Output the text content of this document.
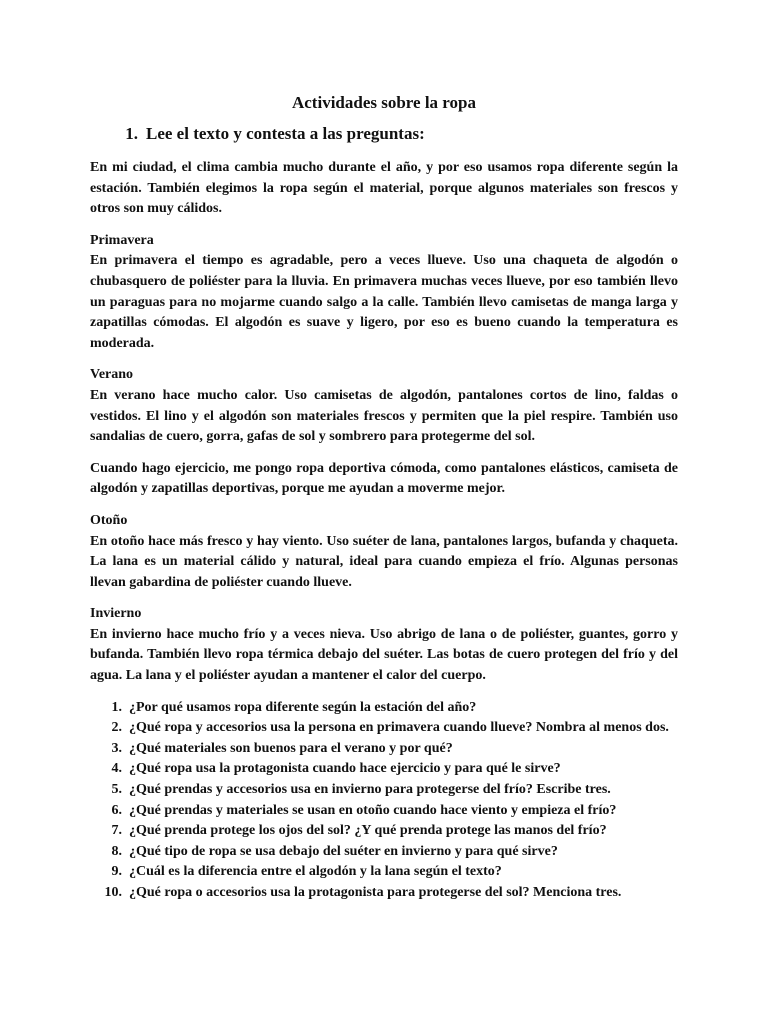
Actividades sobre la ropa
1. Lee el texto y contesta a las preguntas:

En mi ciudad, el clima cambia mucho durante el año, y por eso usamos ropa diferente según la estación. También elegimos la ropa según el material, porque algunos materiales son frescos y otros son muy cálidos.

Primavera

En primavera el tiempo es agradable, pero a veces llueve. Uso una chaqueta de algodón o chubasquero de poliéster para la lluvia. En primavera muchas veces llueve, por eso también llevo un paraguas para no mojarme cuando salgo a la calle. También llevo camisetas de manga larga y zapatillas cómodas. El algodón es suave y ligero, por eso es bueno cuando la temperatura es moderada.

Verano

En verano hace mucho calor. Uso camisetas de algodón, pantalones cortos de lino, faldas o vestidos. El lino y el algodón son materiales frescos y permiten que la piel respire. También uso sandalias de cuero, gorra, gafas de sol y sombrero para protegerme del sol.

Cuando hago ejercicio, me pongo ropa deportiva cómoda, como pantalones elásticos, camiseta de algodón y zapatillas deportivas, porque me ayudan a moverme mejor.

Otoño

En otoño hace más fresco y hay viento. Uso suéter de lana, pantalones largos, bufanda y chaqueta. La lana es un material cálido y natural, ideal para cuando empieza el frío. Algunas personas llevan gabardina de poliéster cuando llueve.

Invierno

En invierno hace mucho frío y a veces nieva. Uso abrigo de lana o de poliéster, guantes, gorro y bufanda. También llevo ropa térmica debajo del suéter. Las botas de cuero protegen del frío y del agua. La lana y el poliéster ayudan a mantener el calor del cuerpo.

1. ¿Por qué usamos ropa diferente según la estación del año?
2. ¿Qué ropa y accesorios usa la persona en primavera cuando llueve? Nombra al menos dos.
3. ¿Qué materiales son buenos para el verano y por qué?
4. ¿Qué ropa usa la protagonista cuando hace ejercicio y para qué le sirve?
5. ¿Qué prendas y accesorios usa en invierno para protegerse del frío? Escribe tres.
6. ¿Qué prendas y materiales se usan en otoño cuando hace viento y empieza el frío?
7. ¿Qué prenda protege los ojos del sol? ¿Y qué prenda protege las manos del frío?
8. ¿Qué tipo de ropa se usa debajo del suéter en invierno y para qué sirve?
9. ¿Cuál es la diferencia entre el algodón y la lana según el texto?
10. ¿Qué ropa o accesorios usa la protagonista para protegerse del sol? Menciona tres.
